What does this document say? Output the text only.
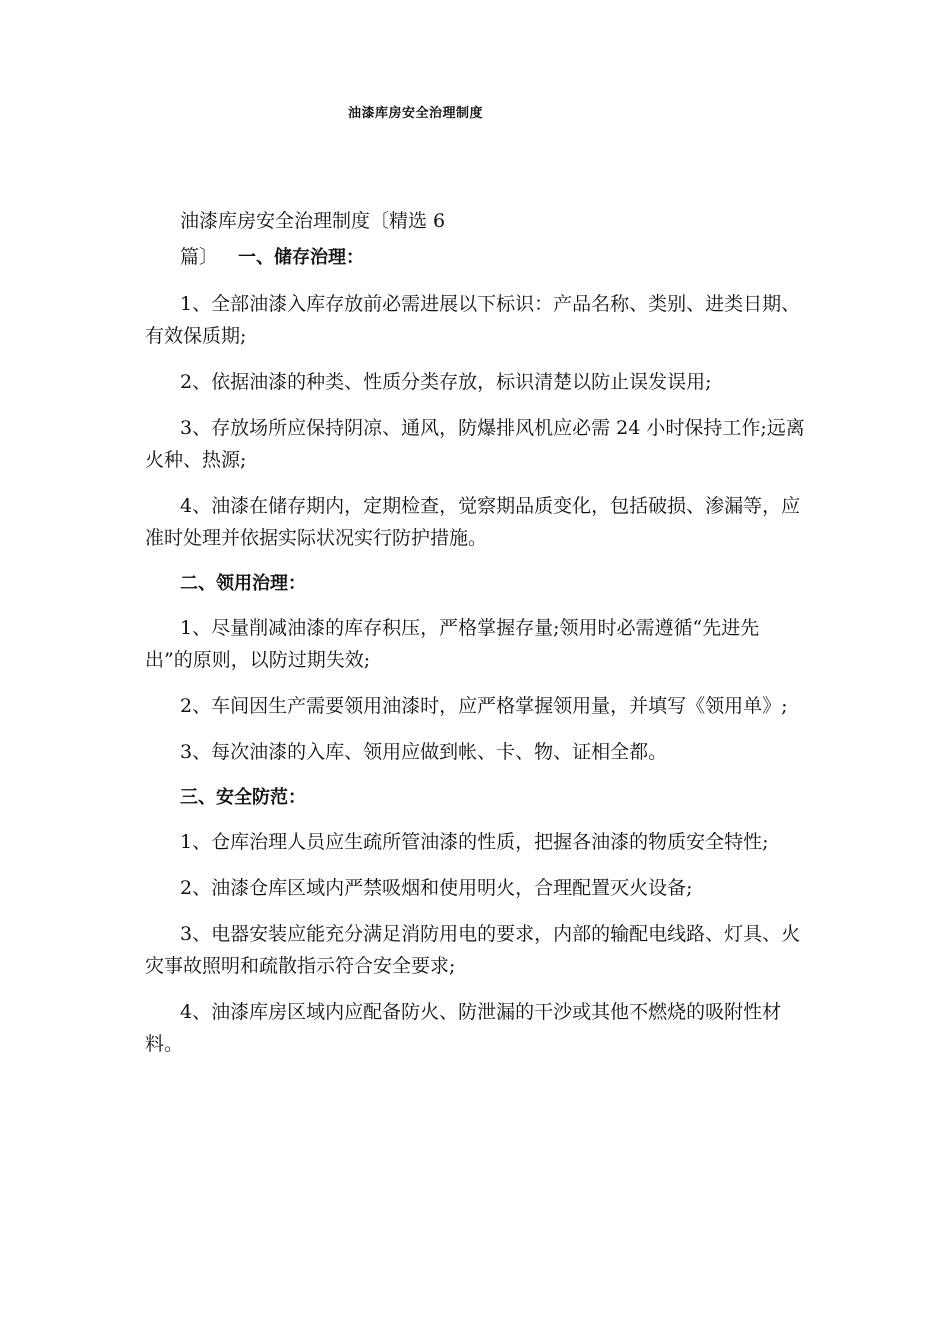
油漆库房安全治理制度

油漆库房安全治理制度〔精选 6

篇〕 一、储存治理：

1、全部油漆入库存放前必需进展以下标识：产品名称、类别、进类日期、有效保质期;

2、依据油漆的种类、性质分类存放，标识清楚以防止误发误用;

3、存放场所应保持阴凉、通风，防爆排风机应必需 24 小时保持工作;远离火种、热源;

4、油漆在储存期内，定期检查，觉察期品质变化，包括破损、渗漏等，应准时处理并依据实际状况实行防护措施。

二、领用治理：

1、尽量削减油漆的库存积压，严格掌握存量;领用时必需遵循“先进先出”的原则，以防过期失效;

2、车间因生产需要领用油漆时，应严格掌握领用量，并填写《领用单》;

3、每次油漆的入库、领用应做到帐、卡、物、证相全都。

三、安全防范：

1、仓库治理人员应生疏所管油漆的性质，把握各油漆的物质安全特性;

2、油漆仓库区域内严禁吸烟和使用明火，合理配置灭火设备;

3、电器安装应能充分满足消防用电的要求，内部的输配电线路、灯具、火灾事故照明和疏散指示符合安全要求;

4、油漆库房区域内应配备防火、防泄漏的干沙或其他不燃烧的吸附性材料。
